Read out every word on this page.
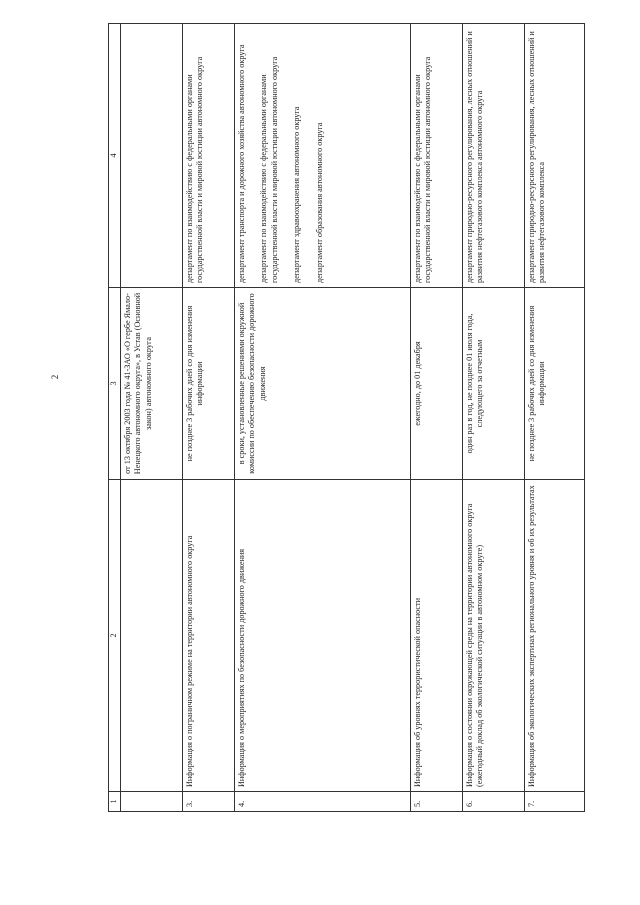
2
1	2	3	4
		от 13 октября 2003 года № 41-ЗАО «О гербе Ямало-Ненецкого автономного округа», в Устав (Основной закон) автономного округа	
3.	Информация о пограничном режиме на территории автономного округа	не позднее 3 рабочих дней со дня изменения информации	департамент по взаимодействию с федеральными органами государственной власти и мировой юстиции автономного округа
4.	Информация о мероприятиях по безопасности дорожного движения	в сроки, установленные решениями окружной комиссии по обеспечению безопасности дорожного движения	департамент транспорта и дорожного хозяйства автономного округа департамент по взаимодействию с федеральными органами государственной власти и мировой юстиции автономного округа департамент здравоохранения автономного округа департамент образования автономного округа

5.	Информация об уровнях террористической опасности	ежегодно, до 01 декабря	департамент по взаимодействию с федеральными органами государственной власти и мировой юстиции автономного округа
6.	Информация о состоянии окружающей среды на территории автономного округа (ежегодный доклад об экологической ситуации в автономном округе)	один раз в год, не позднее 01 июля года, следующего за отчетным	департамент природно-ресурсного регулирования, лесных отношений и развития нефтегазового комплекса автономного округа
7.	Информация об экологических экспертизах регионального уровня и об их результатах	не позднее 3 рабочих дней со дня изменения информации	департамент природно-ресурсного регулирования, лесных отношений и развития нефтегазового комплекса
